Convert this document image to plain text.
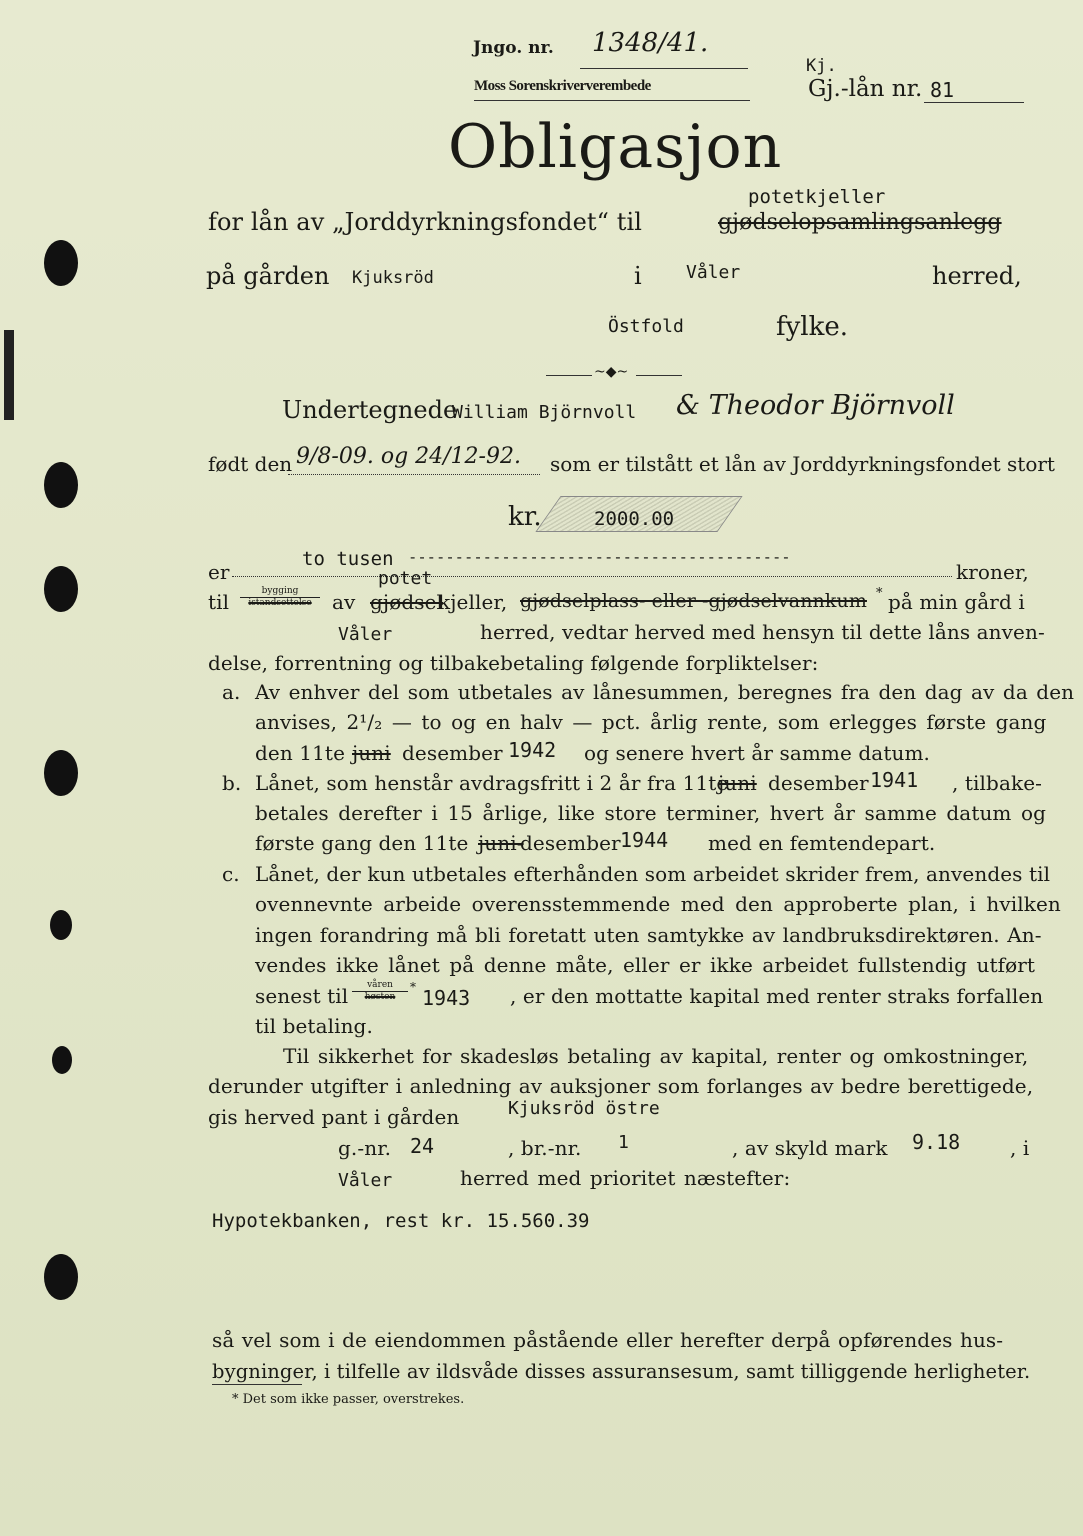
Jngo. nr. 1348/41.
Moss Sorenskriververembede
Kj.
Gj.-lån nr. 81
Obligasjon
potetkjeller
for lån av „Jorddyrkningsfondet“ til	gjødselopsamlingsanlegg
på gården Kjuksröd	i Våler	herred,
Östfold	fylke.
~◆~
Undertegnede
William Björnvoll & Theodor Björnvoll
født den 9/8-09. og 24/12-92. som er tilstått et lån av Jorddyrkningsfondet stort
kr.	2000.00
er
to tusen -----------------------------------------
kroner,
til	bygging
istandsettelse	av
potet
gjødsel
kjeller, gjødselplass- eller -gjødselvannkum * på min gård i
Våler	herred, vedtar herved med hensyn til dette låns anven-
delse, forrentning og tilbakebetaling følgende forpliktelser:
a. Av enhver del som utbetales av lånesummen, beregnes fra den dag av da den
anvises, 2¹/₂ — to og en halv — pct. årlig rente, som erlegges første gang
den 11te juni desember 1942 og senere hvert år samme datum.
b. Lånet, som henstår avdragsfritt i 2 år fra 11te
juni desember 1941 , tilbake-
betales derefter i 15 årlige, like store terminer, hvert år samme datum og
første gang den 11te juni-
desember 1944 med en femtendepart.
c. Lånet, der kun utbetales efterhånden som arbeidet skrider frem, anvendes til
ovennevnte arbeide overensstemmende med den approberte plan, i hvilken
ingen forandring må bli foretatt uten samtykke av landbruksdirektøren. An-
vendes ikke lånet på denne måte, eller er ikke arbeidet fullstendig utført
senest til	våren
høsten
* 1943 , er den mottatte kapital med renter straks forfallen
til betaling.
Til sikkerhet for skadesløs betaling av kapital, renter og omkostninger,
derunder utgifter i anledning av auksjoner som forlanges av bedre berettigede,
gis herved pant i gården	Kjuksröd östre
g.-nr. 24	, br.-nr. 1	, av skyld mark 9.18 , i
Våler	herred med prioritet næstefter:
Hypotekbanken, rest kr. 15.560.39
så vel som i de eiendommen påstående eller herefter derpå opførendes hus-
bygninger, i tilfelle av ildsvåde disses assuransesum, samt tilliggende herligheter.
* Det som ikke passer, overstrekes.
